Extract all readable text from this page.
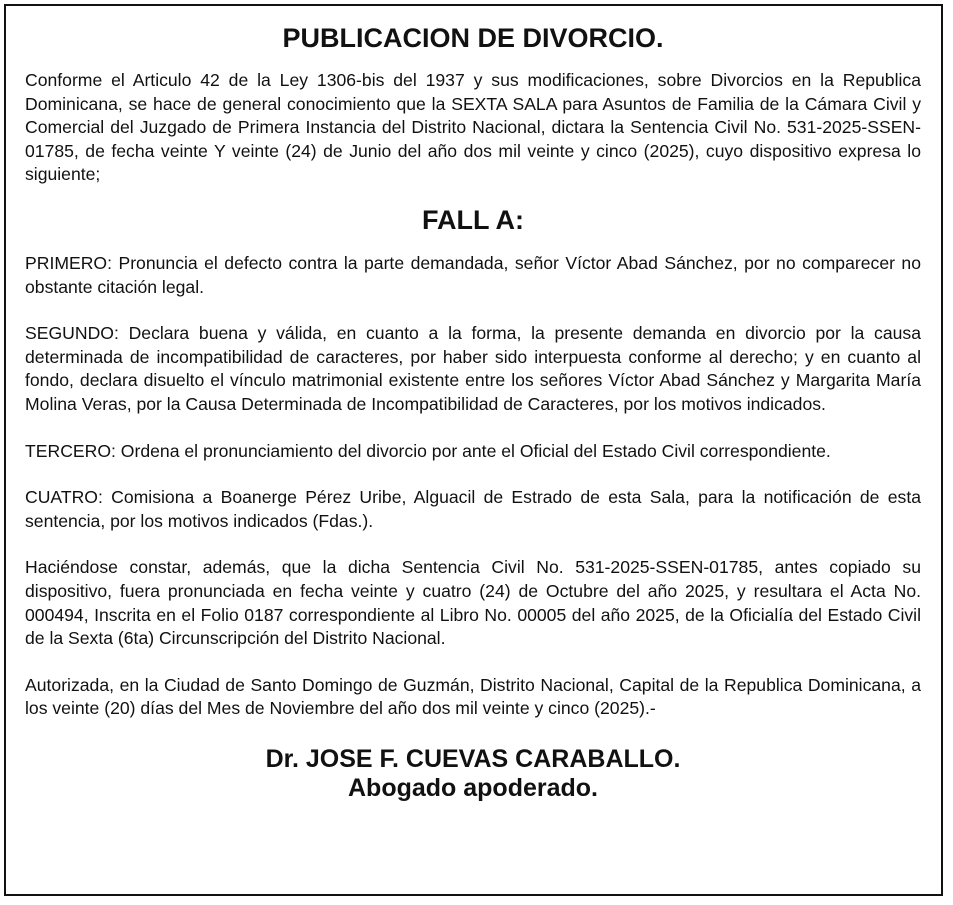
PUBLICACION DE DIVORCIO.

Conforme el Articulo 42 de la Ley 1306-bis del 1937 y sus modificaciones, sobre Divorcios en la Republica Dominicana, se hace de general conocimiento que la SEXTA SALA para Asuntos de Familia de la Cámara Civil y Comercial del Juzgado de Primera Instancia del Distrito Nacional, dictara la Sentencia Civil No. 531-2025-SSEN-01785, de fecha veinte Y veinte (24) de Junio del año dos mil veinte y cinco (2025), cuyo dispositivo expresa lo siguiente;

FALL A:

PRIMERO: Pronuncia el defecto contra la parte demandada, señor Víctor Abad Sánchez, por no comparecer no obstante citación legal.

SEGUNDO: Declara buena y válida, en cuanto a la forma, la presente demanda en divorcio por la causa determinada de incompatibilidad de caracteres, por haber sido interpuesta conforme al derecho; y en cuanto al fondo, declara disuelto el vínculo matrimonial existente entre los señores Víctor Abad Sánchez y Margarita María Molina Veras, por la Causa Determinada de Incompatibilidad de Caracteres, por los motivos indicados.

TERCERO: Ordena el pronunciamiento del divorcio por ante el Oficial del Estado Civil correspondiente.

CUATRO: Comisiona a Boanerge Pérez Uribe, Alguacil de Estrado de esta Sala, para la notificación de esta sentencia, por los motivos indicados (Fdas.).

Haciéndose constar, además, que la dicha Sentencia Civil No. 531-2025-SSEN-01785, antes copiado su dispositivo, fuera pronunciada en fecha veinte y cuatro (24) de Octubre del año 2025, y resultara el Acta No. 000494, Inscrita en el Folio 0187 correspondiente al Libro No. 00005 del año 2025, de la Oficialía del Estado Civil de la Sexta (6ta) Circunscripción del Distrito Nacional.

Autorizada, en la Ciudad de Santo Domingo de Guzmán, Distrito Nacional, Capital de la Republica Dominicana, a los veinte (20) días del Mes de Noviembre del año dos mil veinte y cinco (2025).-

Dr. JOSE F. CUEVAS CARABALLO.
Abogado apoderado.
